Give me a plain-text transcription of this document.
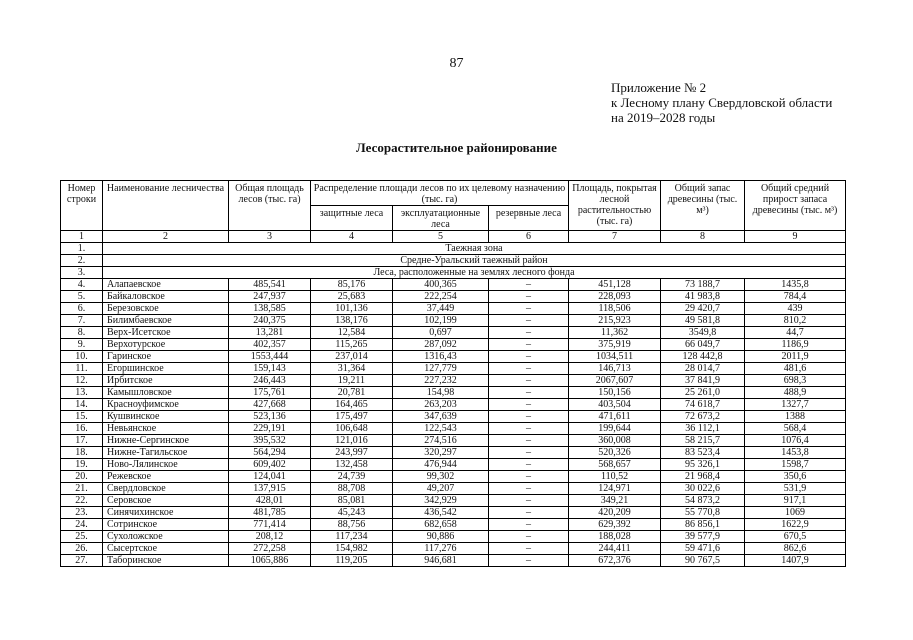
87
Приложение № 2
к Лесному плану Свердловской области
на 2019–2028 годы
Лесорастительное районирование
Номер строки	Наименование лесничества	Общая площадь лесов (тыс. га)	Распределение площади лесов по их целевому назначению (тыс. га)			Площадь, покрытая лесной растительностью (тыс. га)	Общий запас древесины (тыс. м³)	Общий средний прирост запаса древесины (тыс. м³)
			защитные леса	эксплуатационные леса	резервные леса			
1	2	3	4	5	6	7	8	9
1.	Таежная зона							
2.	Средне-Уральский таежный район							
3.	Леса, расположенные на землях лесного фонда							
4.	Алапаевское	485,541	85,176	400,365	–	451,128	73 188,7	1435,8
5.	Байкаловское	247,937	25,683	222,254	–	228,093	41 983,8	784,4
6.	Березовское	138,585	101,136	37,449	–	118,506	29 420,7	439
7.	Билимбаевское	240,375	138,176	102,199	–	215,923	49 581,8	810,2
8.	Верх-Исетское	13,281	12,584	0,697	–	11,362	3549,8	44,7
9.	Верхотурское	402,357	115,265	287,092	–	375,919	66 049,7	1186,9
10.	Гаринское	1553,444	237,014	1316,43	–	1034,511	128 442,8	2011,9
11.	Егоршинское	159,143	31,364	127,779	–	146,713	28 014,7	481,6
12.	Ирбитское	246,443	19,211	227,232	–	2067,607	37 841,9	698,3
13.	Камышловское	175,761	20,781	154,98	–	150,156	25 261,0	488,9
14.	Красноуфимское	427,668	164,465	263,203	–	403,504	74 618,7	1327,7
15.	Кушвинское	523,136	175,497	347,639	–	471,611	72 673,2	1388
16.	Невьянское	229,191	106,648	122,543	–	199,644	36 112,1	568,4
17.	Нижне-Сергинское	395,532	121,016	274,516	–	360,008	58 215,7	1076,4
18.	Нижне-Тагильское	564,294	243,997	320,297	–	520,326	83 523,4	1453,8
19.	Ново-Лялинское	609,402	132,458	476,944	–	568,657	95 326,1	1598,7
20.	Режевское	124,041	24,739	99,302	–	110,52	21 968,4	350,6
21.	Свердловское	137,915	88,708	49,207	–	124,971	30 022,6	531,9
22.	Серовское	428,01	85,081	342,929	–	349,21	54 873,2	917,1
23.	Синячихинское	481,785	45,243	436,542	–	420,209	55 770,8	1069
24.	Сотринское	771,414	88,756	682,658	–	629,392	86 856,1	1622,9
25.	Сухоложское	208,12	117,234	90,886	–	188,028	39 577,9	670,5
26.	Сысертское	272,258	154,982	117,276	–	244,411	59 471,6	862,6
27.	Таборинское	1065,886	119,205	946,681	–	672,376	90 767,5	1407,9
